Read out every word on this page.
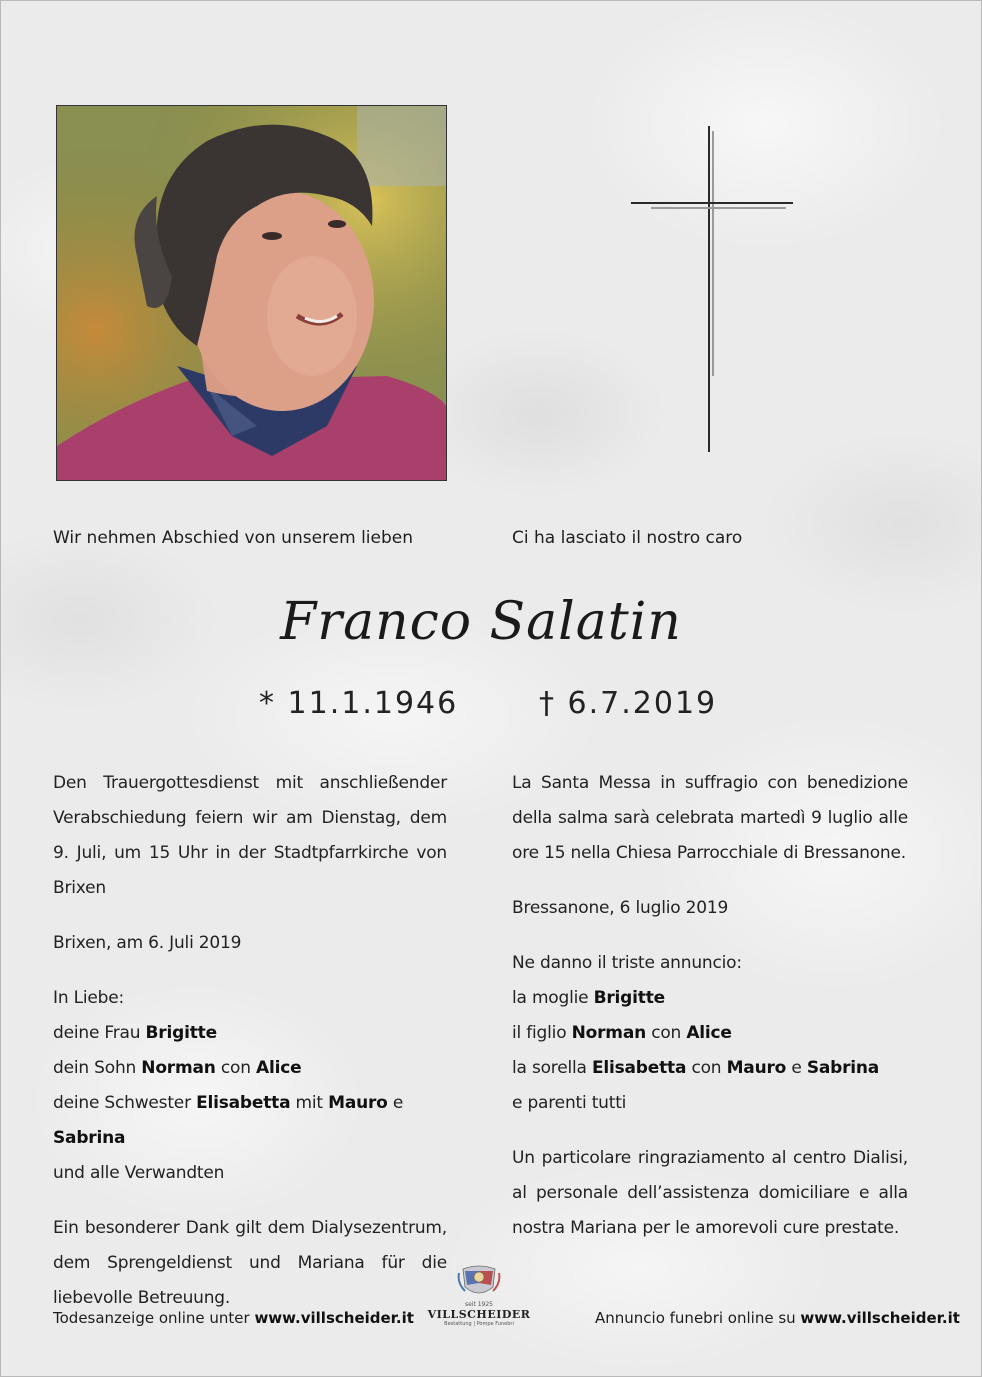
Wir nehmen Abschied von unserem lieben	Ci ha lasciato il nostro caro
Franco Salatin
* 11.1.1946	† 6.7.2019

Den Trauergottesdienst mit anschließender Verabschiedung feiern wir am Dienstag, dem 9. Juli, um 15 Uhr in der Stadtpfarrkirche von Brixen

Brixen, am 6. Juli 2019

In Liebe:

deine Frau Brigitte

dein Sohn Norman con Alice

deine Schwester Elisabetta mit Mauro e Sabrina

und alle Verwandten

Ein besonderer Dank gilt dem Dialysezentrum, dem Sprengeldienst und Mariana für die liebevolle Betreuung.

La Santa Messa in suffragio con benedizione della salma sarà celebrata martedì 9 luglio alle ore 15 nella Chiesa Parrocchiale di Bressanone.

Bressanone, 6 luglio 2019

Ne danno il triste annuncio:

la moglie Brigitte

il figlio Norman con Alice

la sorella Elisabetta con Mauro e Sabrina

e parenti tutti

Un particolare ringraziamento al centro Dialisi, al personale dell’assistenza domiciliare e alla nostra Mariana per le amorevoli cure prestate.

Todesanzeige online unter www.villscheider.it
seit 1925
VILLSCHEIDER
Bestattung | Pompe Funebri	Annuncio funebri online su www.villscheider.it
